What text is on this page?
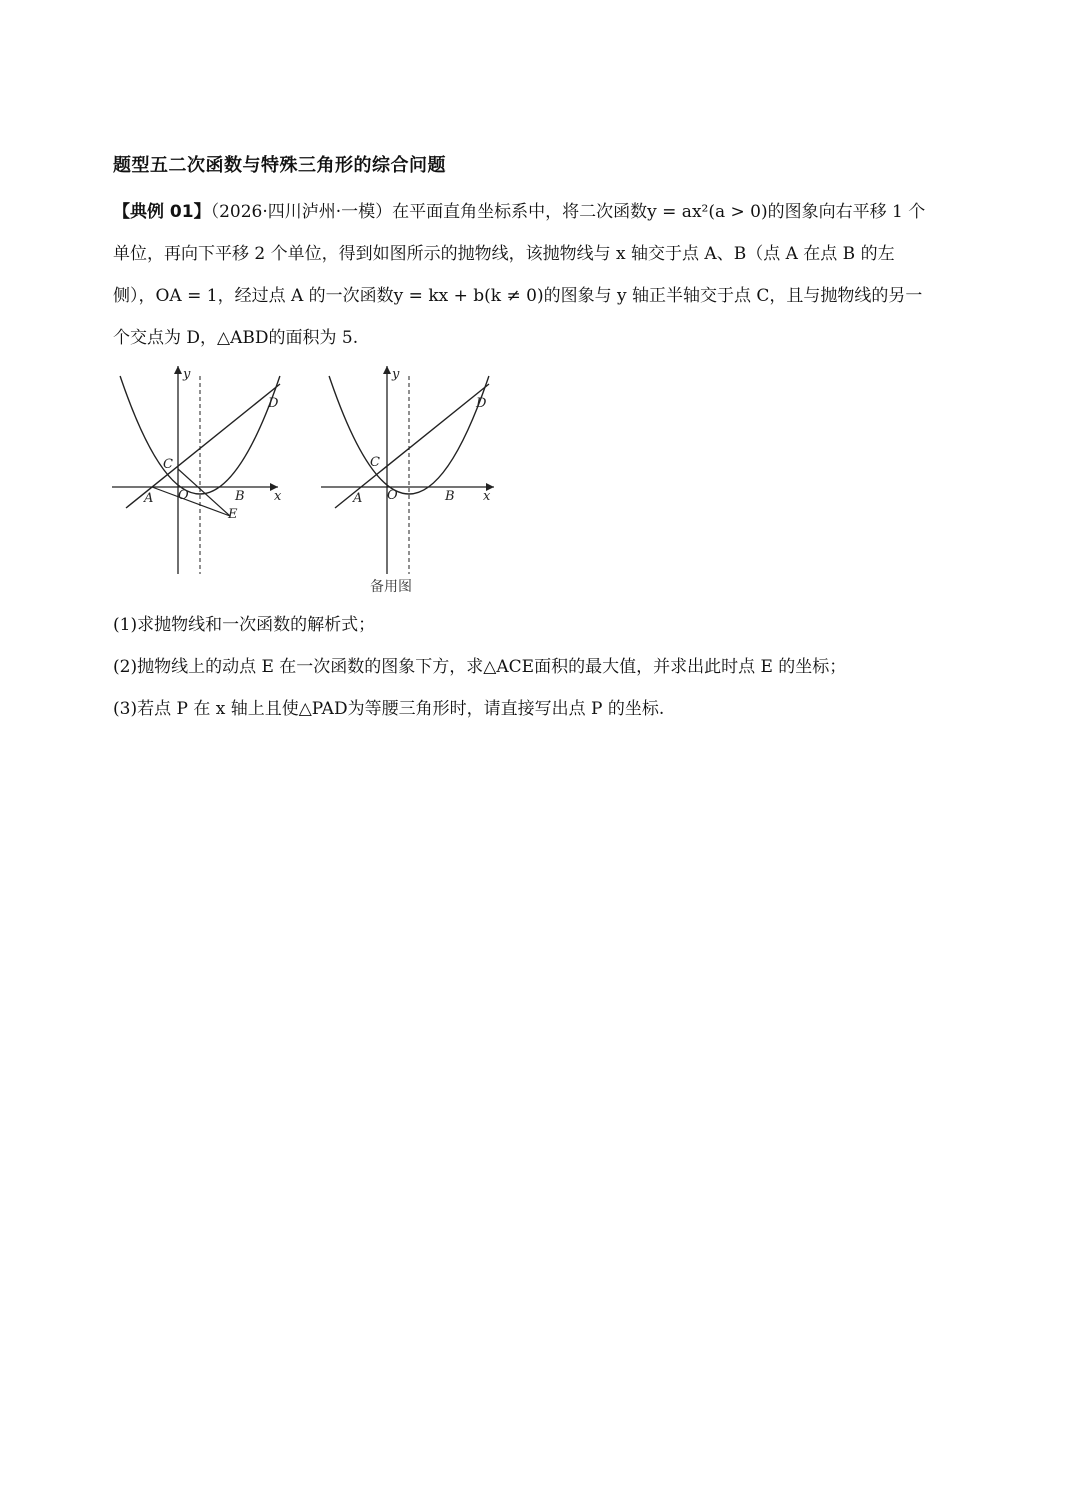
题型五二次函数与特殊三角形的综合问题
【典例 01】（2026·四川泸州·一模）在平面直角坐标系中，将二次函数y = ax²(a > 0)的图象向右平移 1 个
单位，再向下平移 2 个单位，得到如图所示的抛物线，该抛物线与 x 轴交于点 A、B（点 A 在点 B 的左
侧），OA = 1，经过点 A 的一次函数y = kx + b(k ≠ 0)的图象与 y 轴正半轴交于点 C，且与抛物线的另一
个交点为 D，△ABD的面积为 5.
y
x
A O	B
C
D
E
y
x
A O	B
C
D
备用图
(1)求抛物线和一次函数的解析式；
(2)抛物线上的动点 E 在一次函数的图象下方，求△ACE面积的最大值，并求出此时点 E 的坐标；
(3)若点 P 在 x 轴上且使△PAD为等腰三角形时，请直接写出点 P 的坐标.
